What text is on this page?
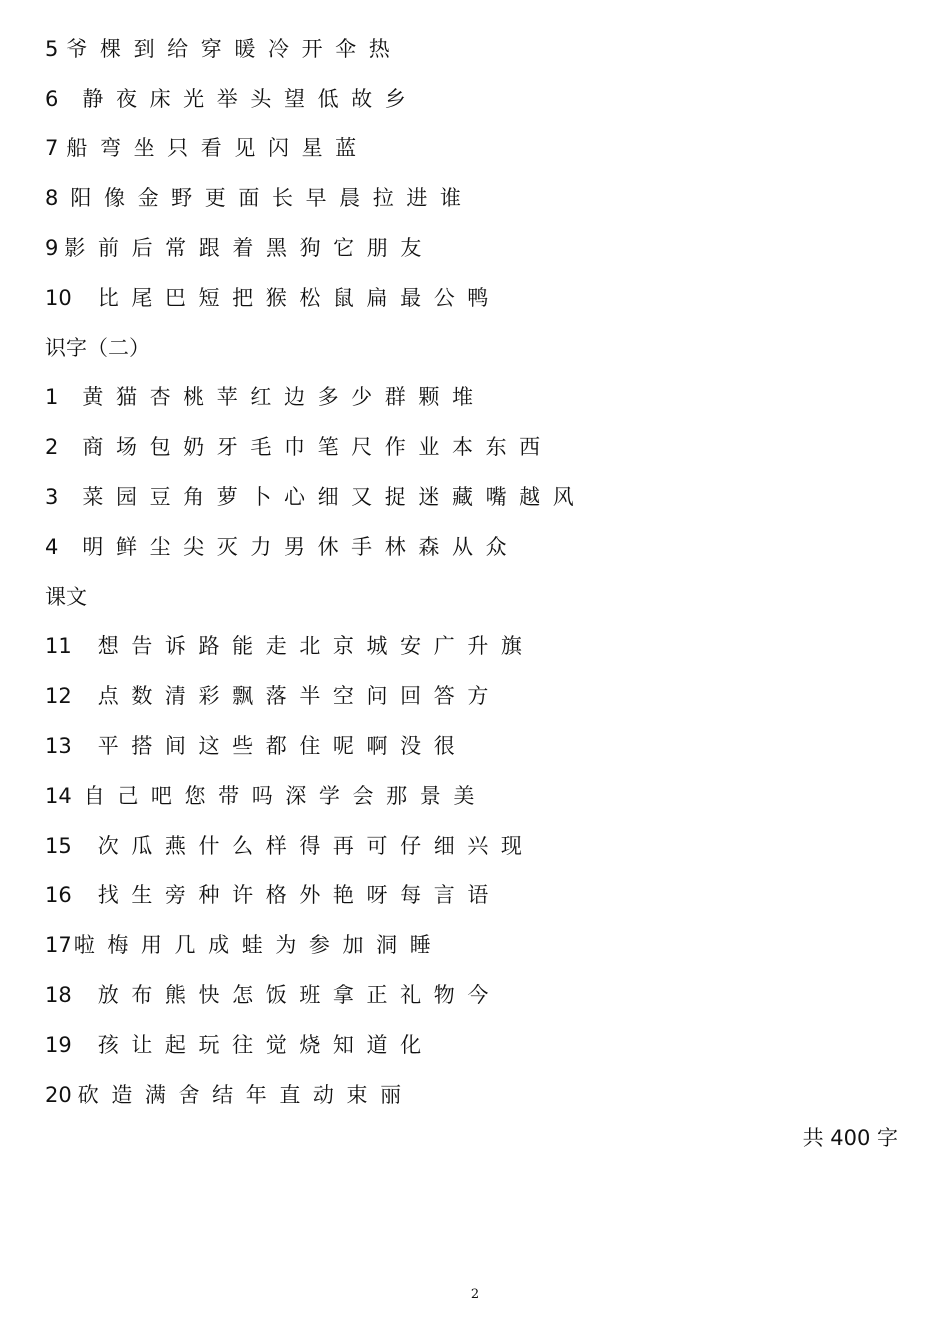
5 爷棵到给穿暖冷开伞热
6 静夜床光举头望低故乡
7 船弯坐只看见闪星蓝
8 阳像金野更面长早晨拉进谁
9 影前后常跟着黑狗它朋友
10 比尾巴短把猴松鼠扁最公鸭
识字（二）
1 黄猫杏桃苹红边多少群颗堆
2 商场包奶牙毛巾笔尺作业本东西
3 菜园豆角萝卜心细又捉迷藏嘴越风
4 明鲜尘尖灭力男休手林森从众
课文
11 想告诉路能走北京城安广升旗
12 点数清彩飘落半空问回答方
13 平搭间这些都住呢啊没很
14 自己吧您带吗深学会那景美
15 次瓜燕什么样得再可仔细兴现
16 找生旁种许格外艳呀每言语
17 啦梅用几成蛙为参加洞睡
18 放布熊快怎饭班拿正礼物今
19 孩让起玩往觉烧知道化
20 砍造满舍结年直动束丽
共 400 字
2
